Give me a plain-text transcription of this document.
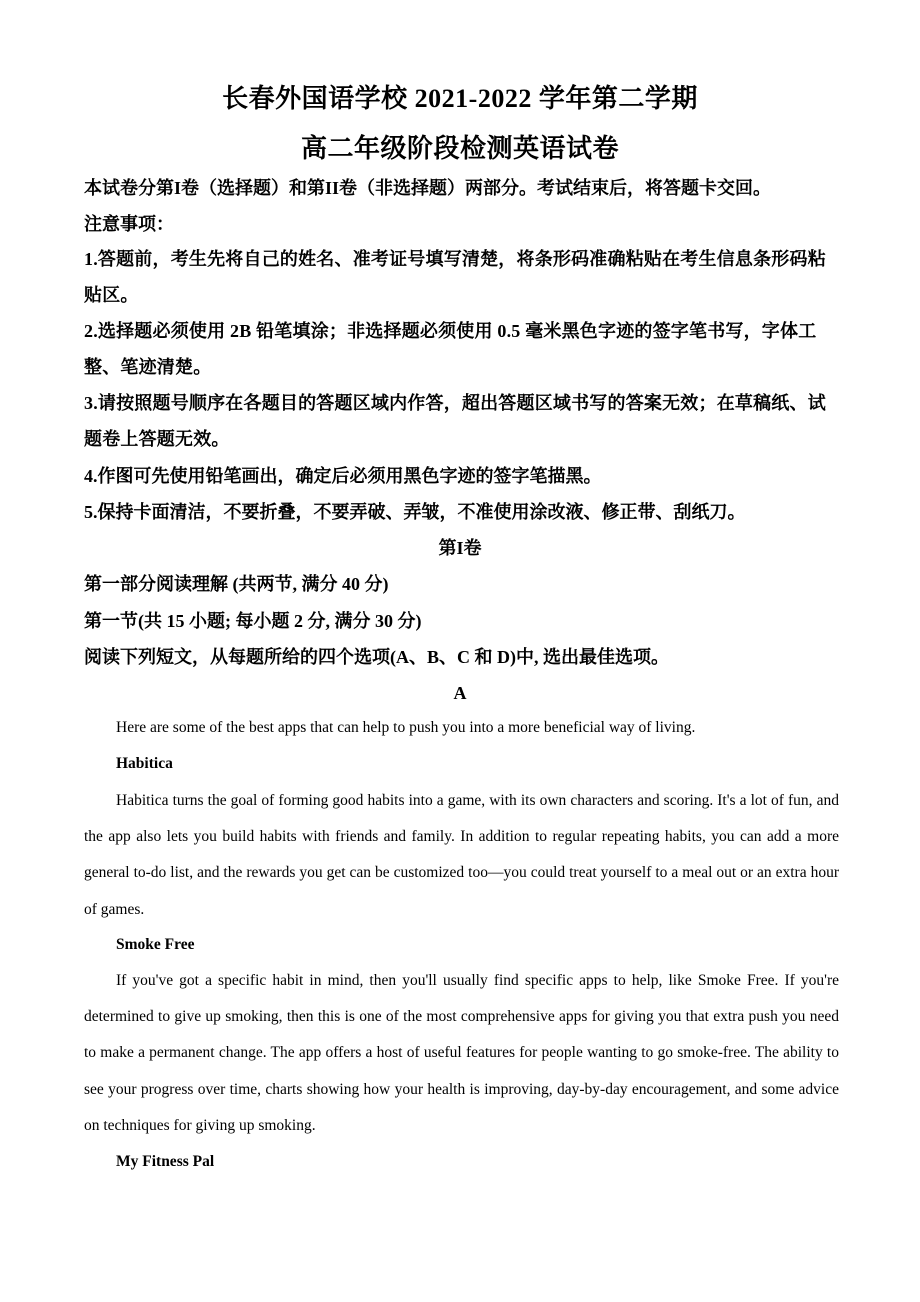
长春外国语学校 2021-2022 学年第二学期
高二年级阶段检测英语试卷
本试卷分第I卷（选择题）和第II卷（非选择题）两部分。考试结束后，将答题卡交回。
注意事项：
1.答题前，考生先将自己的姓名、准考证号填写清楚，将条形码准确粘贴在考生信息条形码粘贴区。
2.选择题必须使用 2B 铅笔填涂；非选择题必须使用 0.5 毫米黑色字迹的签字笔书写，字体工整、笔迹清楚。
3.请按照题号顺序在各题目的答题区域内作答，超出答题区域书写的答案无效；在草稿纸、试题卷上答题无效。
4.作图可先使用铅笔画出，确定后必须用黑色字迹的签字笔描黑。
5.保持卡面清洁，不要折叠，不要弄破、弄皱，不准使用涂改液、修正带、刮纸刀。
第I卷
第一部分阅读理解 (共两节, 满分 40 分)
第一节(共 15 小题; 每小题 2 分, 满分 30 分)
阅读下列短文，从每题所给的四个选项(A、B、C 和 D)中, 选出最佳选项。
A
Here are some of the best apps that can help to push you into a more beneficial way of living.
Habitica
Habitica turns the goal of forming good habits into a game, with its own characters and scoring. It's a lot of fun, and the app also lets you build habits with friends and family. In addition to regular repeating habits, you can add a more general to-do list, and the rewards you get can be customized too—you could treat yourself to a meal out or an extra hour of games.
Smoke Free
If you've got a specific habit in mind, then you'll usually find specific apps to help, like Smoke Free. If you're determined to give up smoking, then this is one of the most comprehensive apps for giving you that extra push you need to make a permanent change. The app offers a host of useful features for people wanting to go smoke-free. The ability to see your progress over time, charts showing how your health is improving, day-by-day encouragement, and some advice on techniques for giving up smoking.
My Fitness Pal
